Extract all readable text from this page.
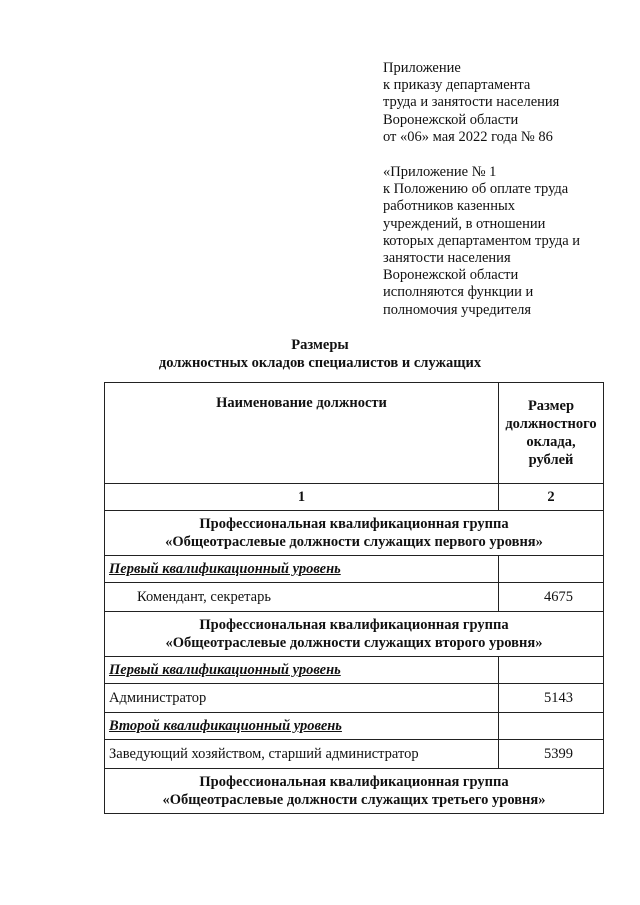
Приложение
к приказу департамента
труда и занятости населения
Воронежской области
от «06» мая 2022 года № 86
«Приложение № 1
к Положению об оплате труда
работников казенных
учреждений, в отношении
которых департаментом труда и
занятости населения
Воронежской области
исполняются функции и
полномочия учредителя
Размеры
должностных окладов специалистов и служащих
Наименование должности	Размер
должностного
оклада,
рублей

1	2

Профессиональная квалификационная группа
«Общеотраслевые должности служащих первого уровня»	

Первый квалификационный уровень	
Комендант, секретарь	4675

Профессиональная квалификационная группа
«Общеотраслевые должности служащих второго уровня»	

Первый квалификационный уровень	
Администратор	5143
Второй квалификационный уровень	
Заведующий хозяйством, старший администратор	5399

Профессиональная квалификационная группа
«Общеотраслевые должности служащих третьего уровня»	
